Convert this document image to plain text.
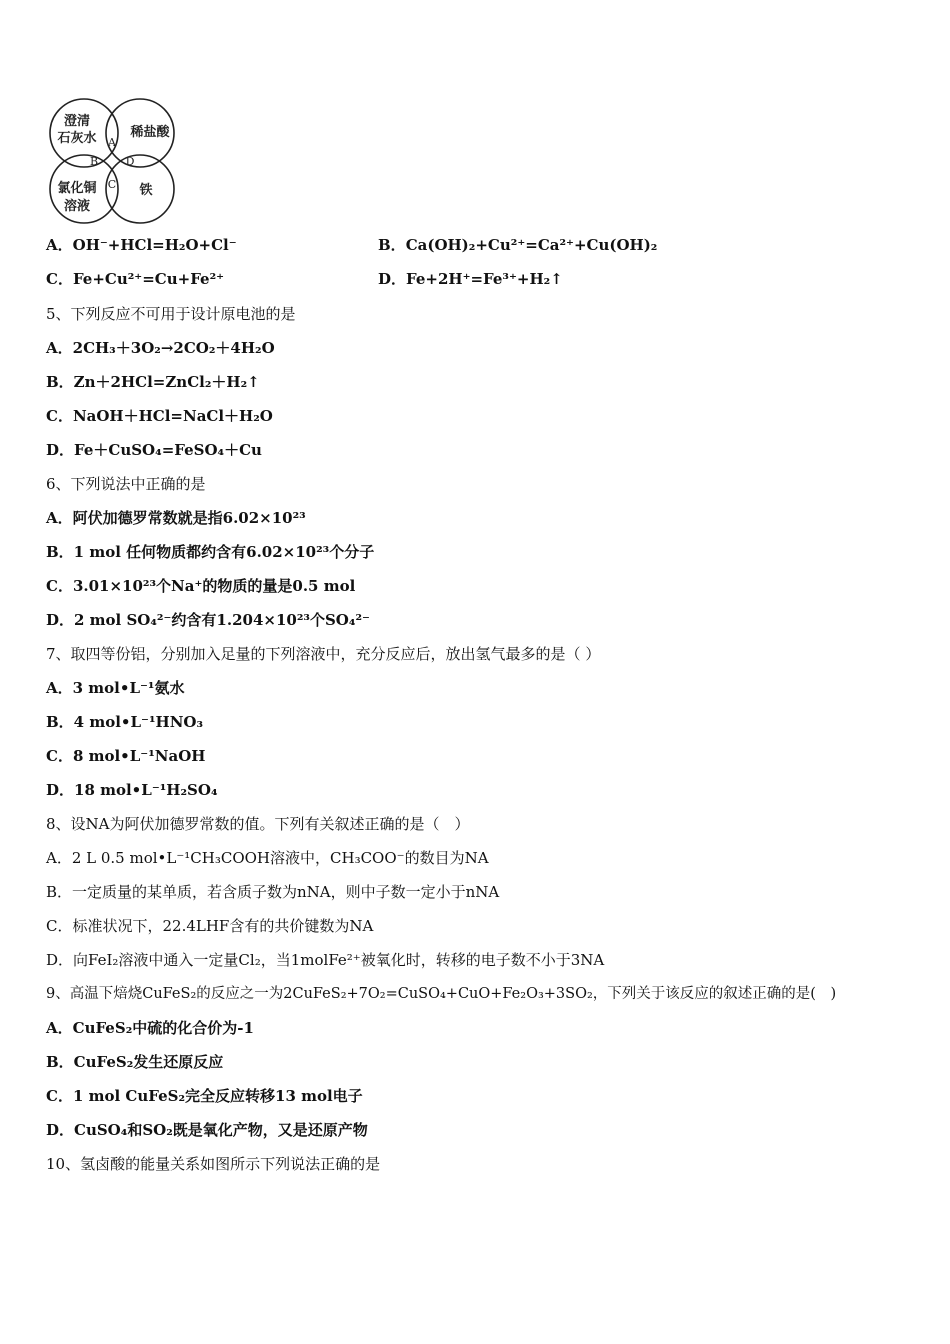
澄清
石灰水	稀盐酸
氯化铜
溶液
铁
A
B	D
C
A．OH⁻+HCl=H₂O+Cl⁻	B．Ca(OH)₂+Cu²⁺=Ca²⁺+Cu(OH)₂
C．Fe+Cu²⁺=Cu+Fe²⁺	D．Fe+2H⁺=Fe³⁺+H₂↑
5、下列反应不可用于设计原电池的是
A．2CH₃＋3O₂→2CO₂＋4H₂O
B．Zn＋2HCl=ZnCl₂＋H₂↑
C．NaOH＋HCl=NaCl＋H₂O
D．Fe＋CuSO₄=FeSO₄＋Cu
6、下列说法中正确的是
A．阿伏加德罗常数就是指6.02×10²³
B．1 mol 任何物质都约含有6.02×10²³个分子
C．3.01×10²³个Na⁺的物质的量是0.5 mol
D．2 mol SO₄²⁻约含有1.204×10²³个SO₄²⁻
7、取四等份铝，分别加入足量的下列溶液中，充分反应后，放出氢气最多的是（ ）
A．3 mol•L⁻¹氨水
B．4 mol•L⁻¹HNO₃
C．8 mol•L⁻¹NaOH
D．18 mol•L⁻¹H₂SO₄
8、设NA为阿伏加德罗常数的值。下列有关叙述正确的是（　）
A．2 L 0.5 mol•L⁻¹CH₃COOH溶液中，CH₃COO⁻的数目为NA
B．一定质量的某单质，若含质子数为nNA，则中子数一定小于nNA
C．标准状况下，22.4LHF含有的共价键数为NA
D．向FeI₂溶液中通入一定量Cl₂，当1molFe²⁺被氧化时，转移的电子数不小于3NA
9、高温下焙烧CuFeS₂的反应之一为2CuFeS₂+7O₂=CuSO₄+CuO+Fe₂O₃+3SO₂，下列关于该反应的叙述正确的是(　)
A．CuFeS₂中硫的化合价为-1
B．CuFeS₂发生还原反应
C．1 mol CuFeS₂完全反应转移13 mol电子
D．CuSO₄和SO₂既是氧化产物，又是还原产物
10、氢卤酸的能量关系如图所示下列说法正确的是
